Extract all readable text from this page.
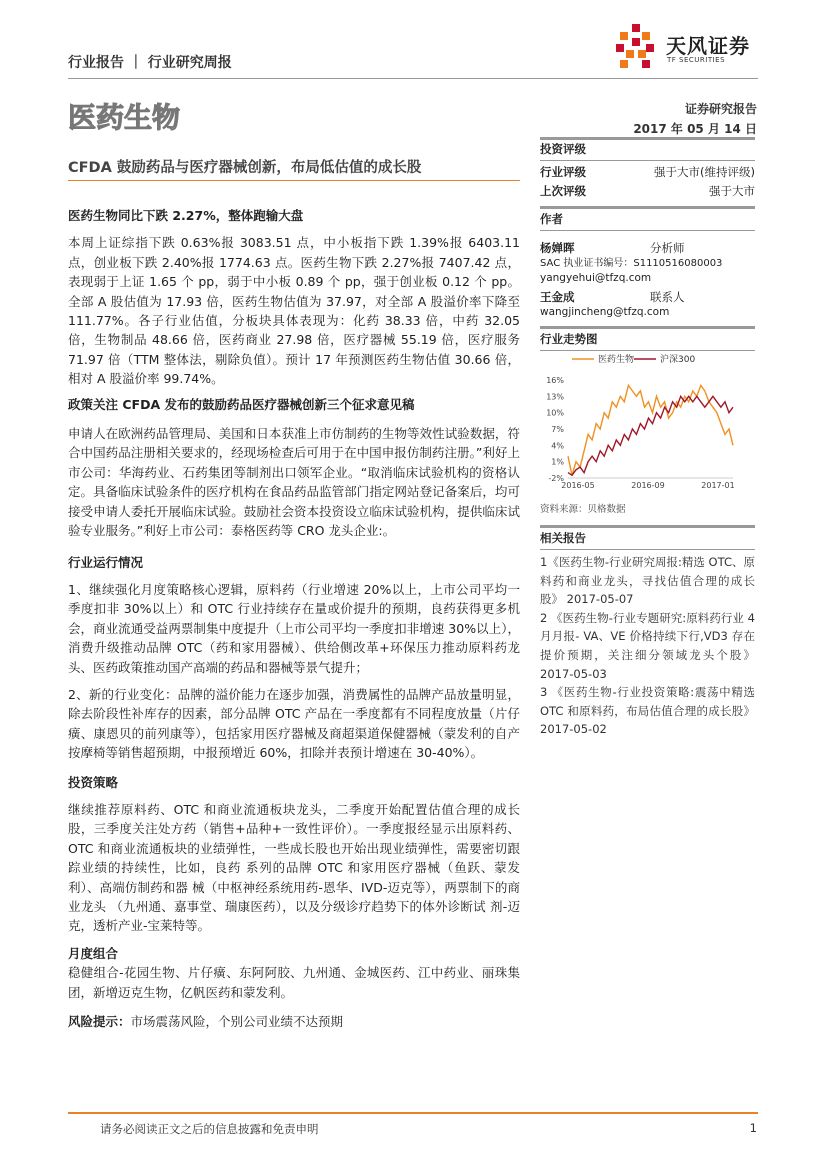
行业报告 ｜ 行业研究周报
天风证券
TF SECURITIES
医药生物	证券研究报告
2017 年 05 月 14 日
CFDA 鼓励药品与医疗器械创新，布局低估值的成长股
医药生物同比下跌 2.27%，整体跑输大盘

本周上证综指下跌 0.63%报 3083.51 点，中小板指下跌 1.39%报 6403.11 点，创业板下跌 2.40%报 1774.63 点。医药生物下跌 2.27%报 7407.42 点，表现弱于上证 1.65 个 pp，弱于中小板 0.89 个 pp，强于创业板 0.12 个 pp。全部 A 股估值为 17.93 倍，医药生物估值为 37.97，对全部 A 股溢价率下降至 111.77%。各子行业估值，分板块具体表现为：化药 38.33 倍，中药 32.05 倍，生物制品 48.66 倍，医药商业 27.98 倍，医疗器械 55.19 倍，医疗服务 71.97 倍（TTM 整体法，剔除负值）。预计 17 年预测医药生物估值 30.66 倍，相对 A 股溢价率 99.74%。

政策关注 CFDA 发布的鼓励药品医疗器械创新三个征求意见稿

申请人在欧洲药品管理局、美国和日本获准上市仿制药的生物等效性试验数据，符合中国药品注册相关要求的，经现场检查后可用于在中国申报仿制药注册。”利好上市公司：华海药业、石药集团等制剂出口领军企业。“取消临床试验机构的资格认定。具备临床试验条件的医疗机构在食品药品监管部门指定网站登记备案后，均可接受申请人委托开展临床试验。鼓励社会资本投资设立临床试验机构，提供临床试验专业服务。”利好上市公司：泰格医药等 CRO 龙头企业:。

行业运行情况

1、继续强化月度策略核心逻辑，原料药（行业增速 20%以上，上市公司平均一季度扣非 30%以上）和 OTC 行业持续存在量或价提升的预期，良药获得更多机会，商业流通受益两票制集中度提升（上市公司平均一季度扣非增速 30%以上），消费升级推动品牌 OTC（药和家用器械）、供给侧改革+环保压力推动原料药龙头、医药政策推动国产高端的药品和器械等景气提升；

2、新的行业变化：品牌的溢价能力在逐步加强，消费属性的品牌产品放量明显，除去阶段性补库存的因素，部分品牌 OTC 产品在一季度都有不同程度放量（片仔癀、康恩贝的前列康等），包括家用医疗器械及商超渠道保健器械（蒙发利的自产按摩椅等销售超预期，中报预增近 60%，扣除并表预计增速在 30-40%）。

投资策略

继续推荐原料药、OTC 和商业流通板块龙头，二季度开始配置估值合理的成长股，三季度关注处方药（销售+品种+一致性评价）。一季度报经显示出原料药、OTC 和商业流通板块的业绩弹性，一些成长股也开始出现业绩弹性，需要密切跟踪业绩的持续性，比如，良药 系列的品牌 OTC 和家用医疗器械（鱼跃、蒙发利）、高端仿制药和器 械（中枢神经系统用药-恩华、IVD-迈克等），两票制下的商业龙头 （九州通、嘉事堂、瑞康医药），以及分级诊疗趋势下的体外诊断试 剂-迈克，透析产业-宝莱特等。

月度组合

稳健组合-花园生物、片仔癀、东阿阿胶、九州通、金城医药、江中药业、丽珠集团，新增迈克生物，亿帆医药和蒙发利。

风险提示：市场震荡风险，个别公司业绩不达预期

投资评级
行业评级	强于大市(维持评级)
上次评级	强于大市
作者
杨婵晖	分析师
SAC 执业证书编号：S1110516080003
yangyehui@tfzq.com
王金成	联系人
wangjincheng@tfzq.com
行业走势图
医药生物	沪深300
-2%
1%
4%
7%
10%
13%
16%
2016-05	2016-09	2017-01
资料来源：贝格数据
相关报告
1《医药生物-行业研究周报:精选 OTC、原料药和商业龙头，寻找估值合理的成长股》 2017-05-07
2 《医药生物-行业专题研究:原料药行业 4 月月报- VA、VE 价格持续下行,VD3 存在提价预期，关注细分领域龙头个股》 2017-05-03
3 《医药生物-行业投资策略:震荡中精选 OTC 和原料药，布局估值合理的成长股》 2017-05-02
请务必阅读正文之后的信息披露和免责申明	1
